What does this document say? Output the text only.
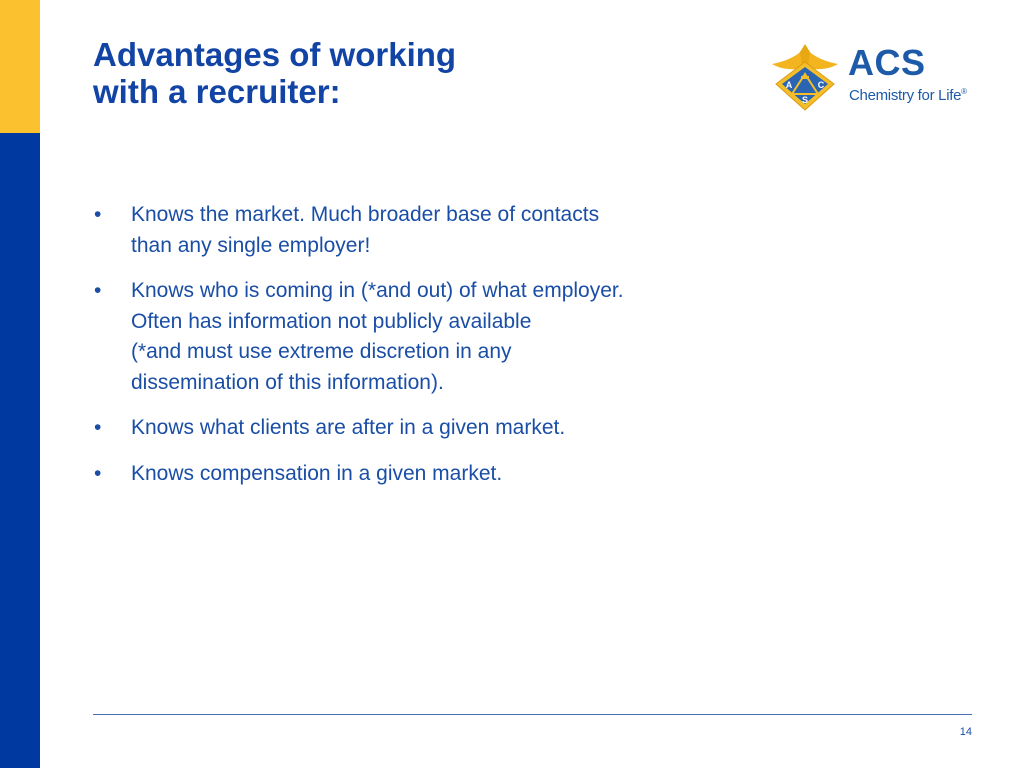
Advantages of working
with a recruiter:	A	C
S
ACS
Chemistry for Life®
• Knows the market. Much broader base of contacts
than any single employer!
• Knows who is coming in (*and out) of what employer.
Often has information not publicly available
(*and must use extreme discretion in any
dissemination of this information).
• Knows what clients are after in a given market.
• Knows compensation in a given market.
14
